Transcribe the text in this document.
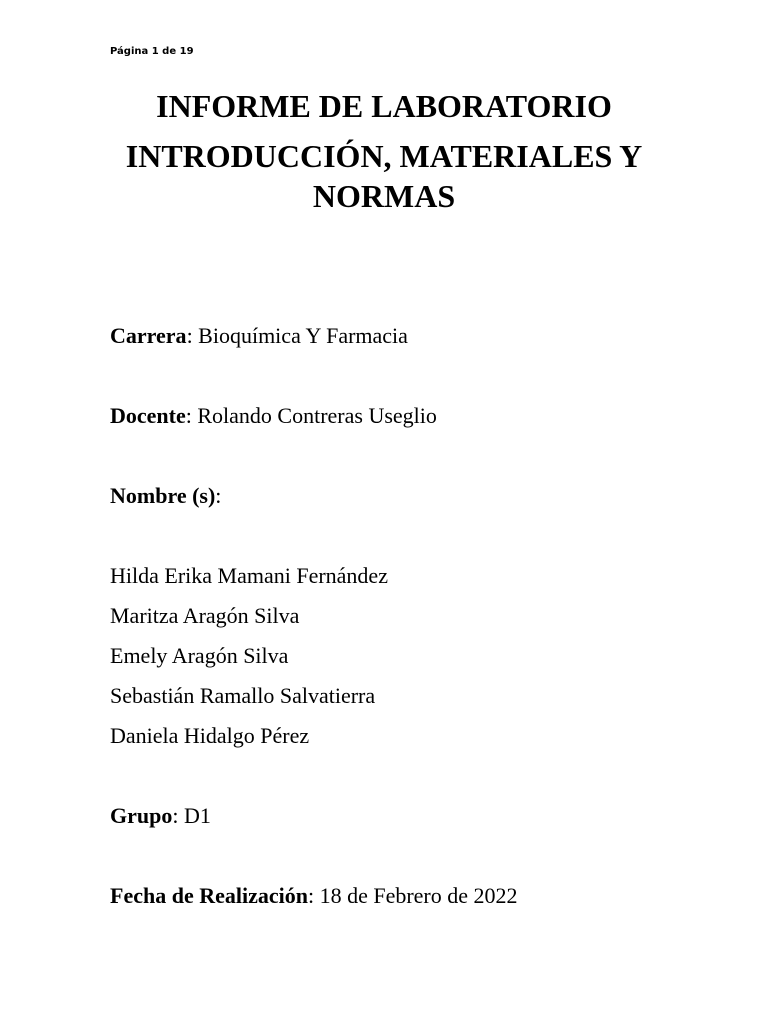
Página 1 de 19
INFORME DE LABORATORIO
INTRODUCCIÓN, MATERIALES Y
NORMAS
Carrera: Bioquímica Y Farmacia
Docente: Rolando Contreras Useglio
Nombre (s):
Hilda Erika Mamani Fernández
Maritza Aragón Silva
Emely Aragón Silva
Sebastián Ramallo Salvatierra
Daniela Hidalgo Pérez
Grupo: D1
Fecha de Realización: 18 de Febrero de 2022
